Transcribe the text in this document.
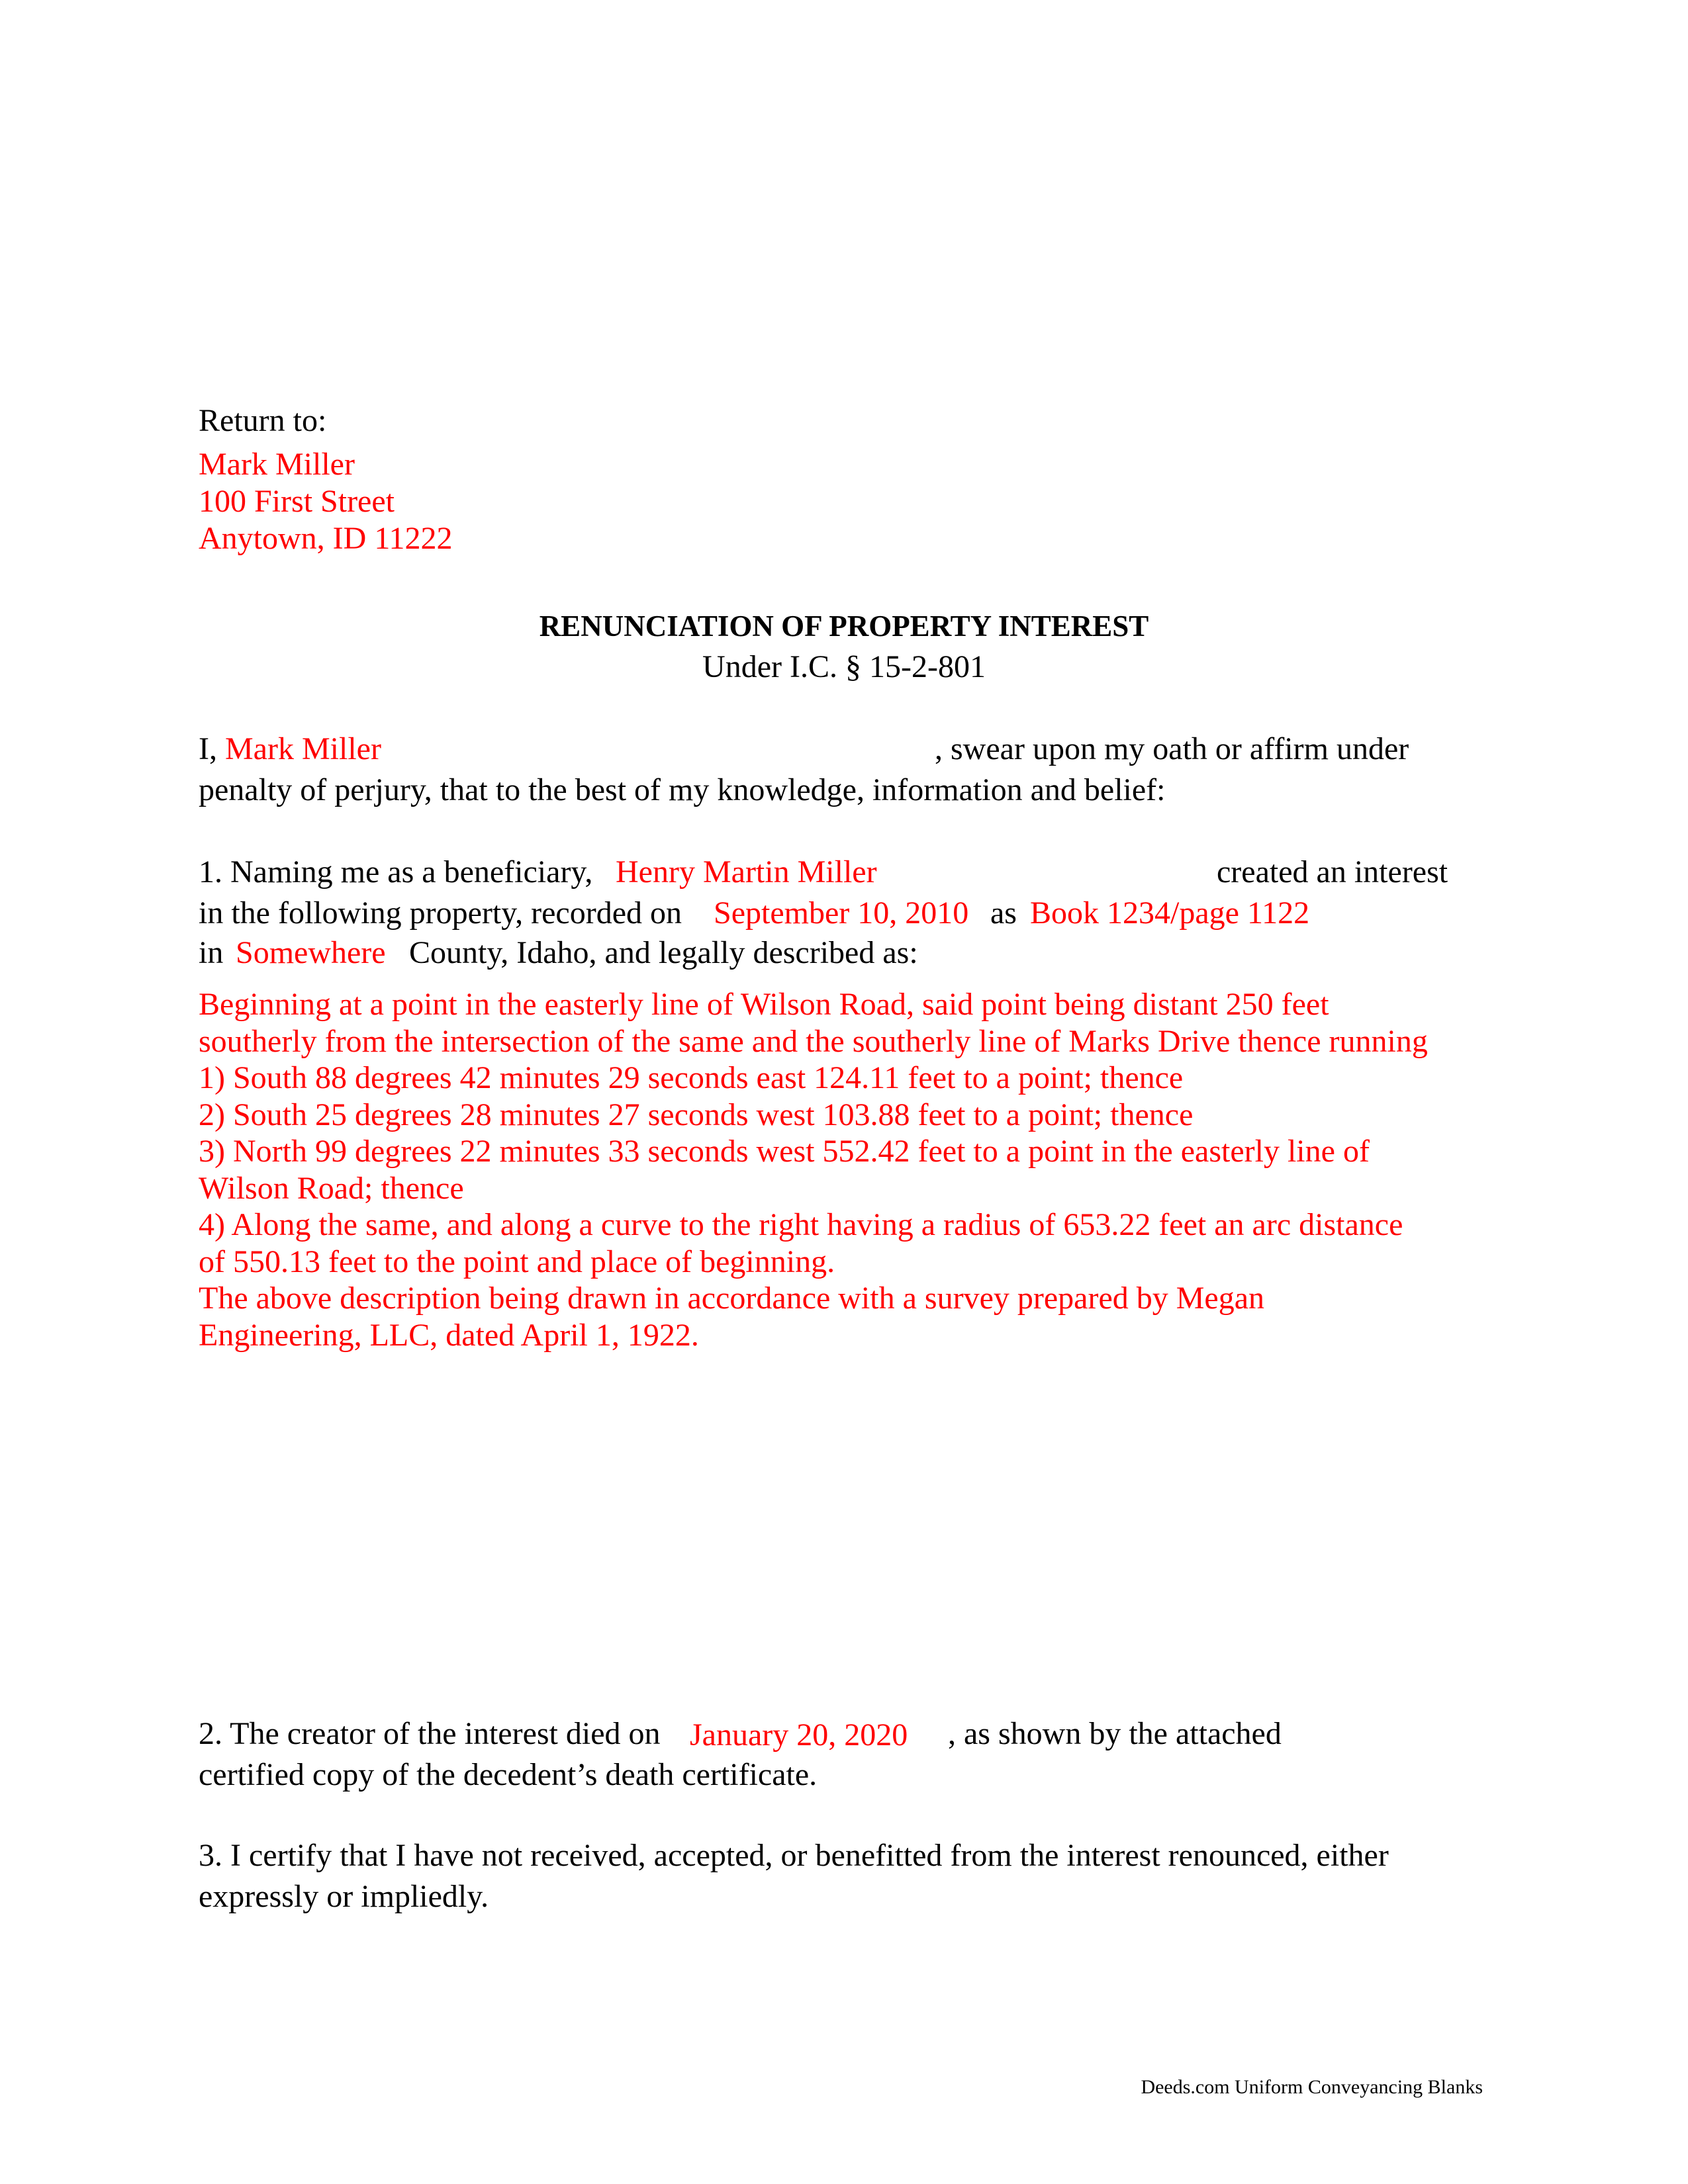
Return to:
Mark Miller
100 First Street
Anytown, ID 11222
RENUNCIATION OF PROPERTY INTEREST
Under I.C. § 15-2-801
I, Mark Miller	, swear upon my oath or affirm under
penalty of perjury, that to the best of my knowledge, information and belief:
1. Naming me as a beneficiary, Henry Martin Miller	created an interest
in the following property, recorded on September 10, 2010 as Book 1234/page 1122
in Somewhere County, Idaho, and legally described as:
Beginning at a point in the easterly line of Wilson Road, said point being distant 250 feet
southerly from the intersection of the same and the southerly line of Marks Drive thence running
1) South 88 degrees 42 minutes 29 seconds east 124.11 feet to a point; thence
2) South 25 degrees 28 minutes 27 seconds west 103.88 feet to a point; thence
3) North 99 degrees 22 minutes 33 seconds west 552.42 feet to a point in the easterly line of
Wilson Road; thence
4) Along the same, and along a curve to the right having a radius of 653.22 feet an arc distance
of 550.13 feet to the point and place of beginning.
The above description being drawn in accordance with a survey prepared by Megan
Engineering, LLC, dated April 1, 1922.
2. The creator of the interest died on January 20, 2020 , as shown by the attached
certified copy of the decedent’s death certificate.
3. I certify that I have not received, accepted, or benefitted from the interest renounced, either
expressly or impliedly.
Deeds.com Uniform Conveyancing Blanks
